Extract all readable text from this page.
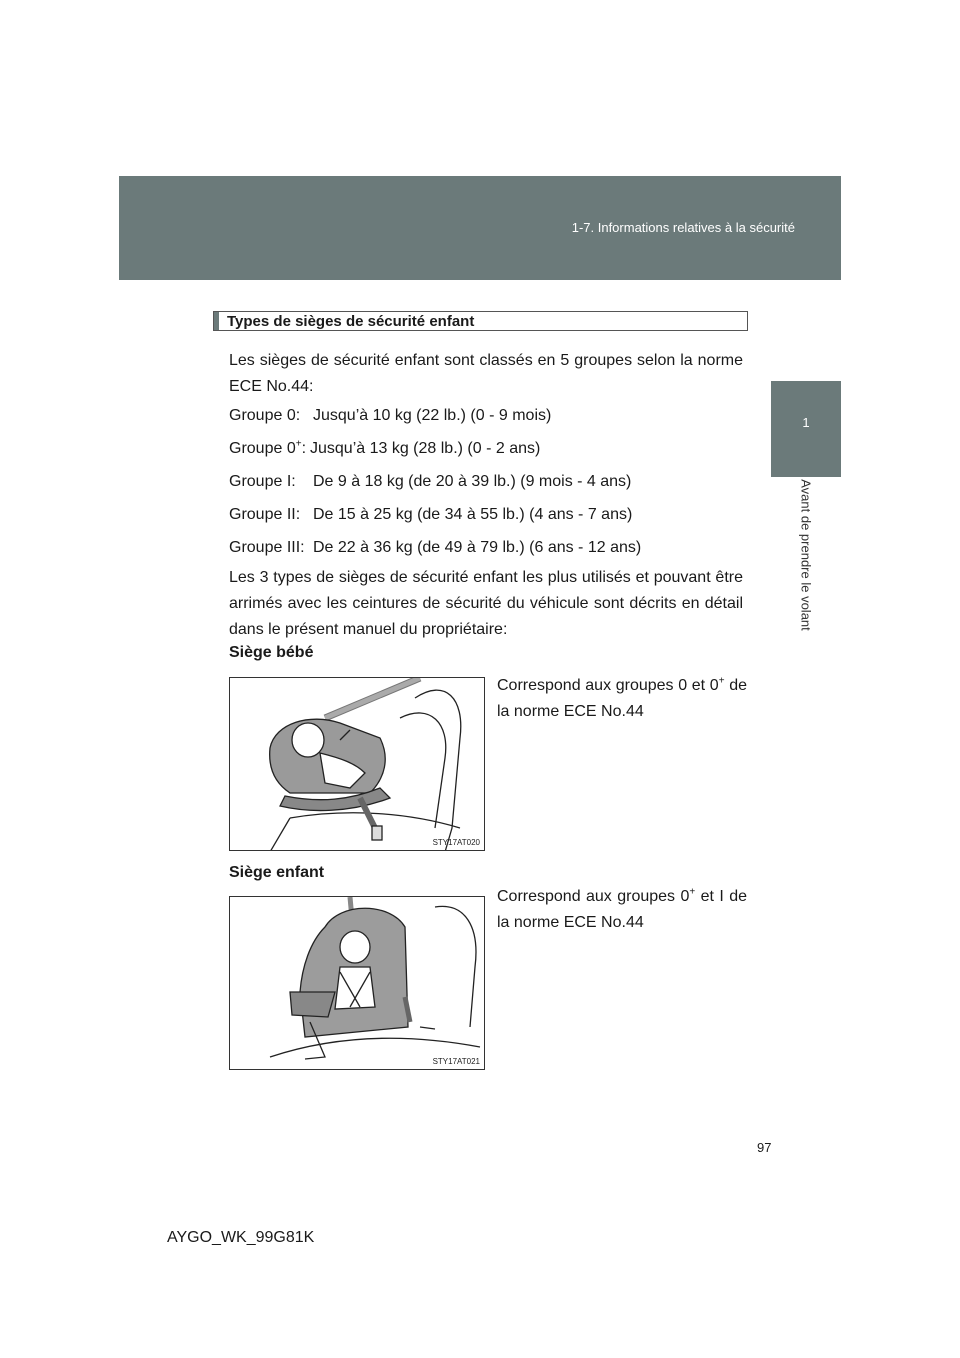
1-7. Informations relatives à la sécurité
1
Avant de prendre le volant
Types de sièges de sécurité enfant
Les sièges de sécurité enfant sont classés en 5 groupes selon la norme ECE No.44:
Groupe 0: Jusqu’à 10 kg (22 lb.) (0 - 9 mois)
Groupe 0+: Jusqu’à 13 kg (28 lb.) (0 - 2 ans)
Groupe I: De 9 à 18 kg (de 20 à 39 lb.) (9 mois - 4 ans)
Groupe II: De 15 à 25 kg (de 34 à 55 lb.) (4 ans - 7 ans)
Groupe III: De 22 à 36 kg (de 49 à 79 lb.) (6 ans - 12 ans)
Les 3 types de sièges de sécurité enfant les plus utilisés et pouvant être arrimés avec les ceintures de sécurité du véhicule sont décrits en détail dans le présent manuel du propriétaire:
Siège bébé
Correspond aux groupes 0 et 0+ de la norme ECE No.44
STY17AT020
Siège enfant
Correspond aux groupes 0+ et I de la norme ECE No.44
STY17AT021
97
AYGO_WK_99G81K
